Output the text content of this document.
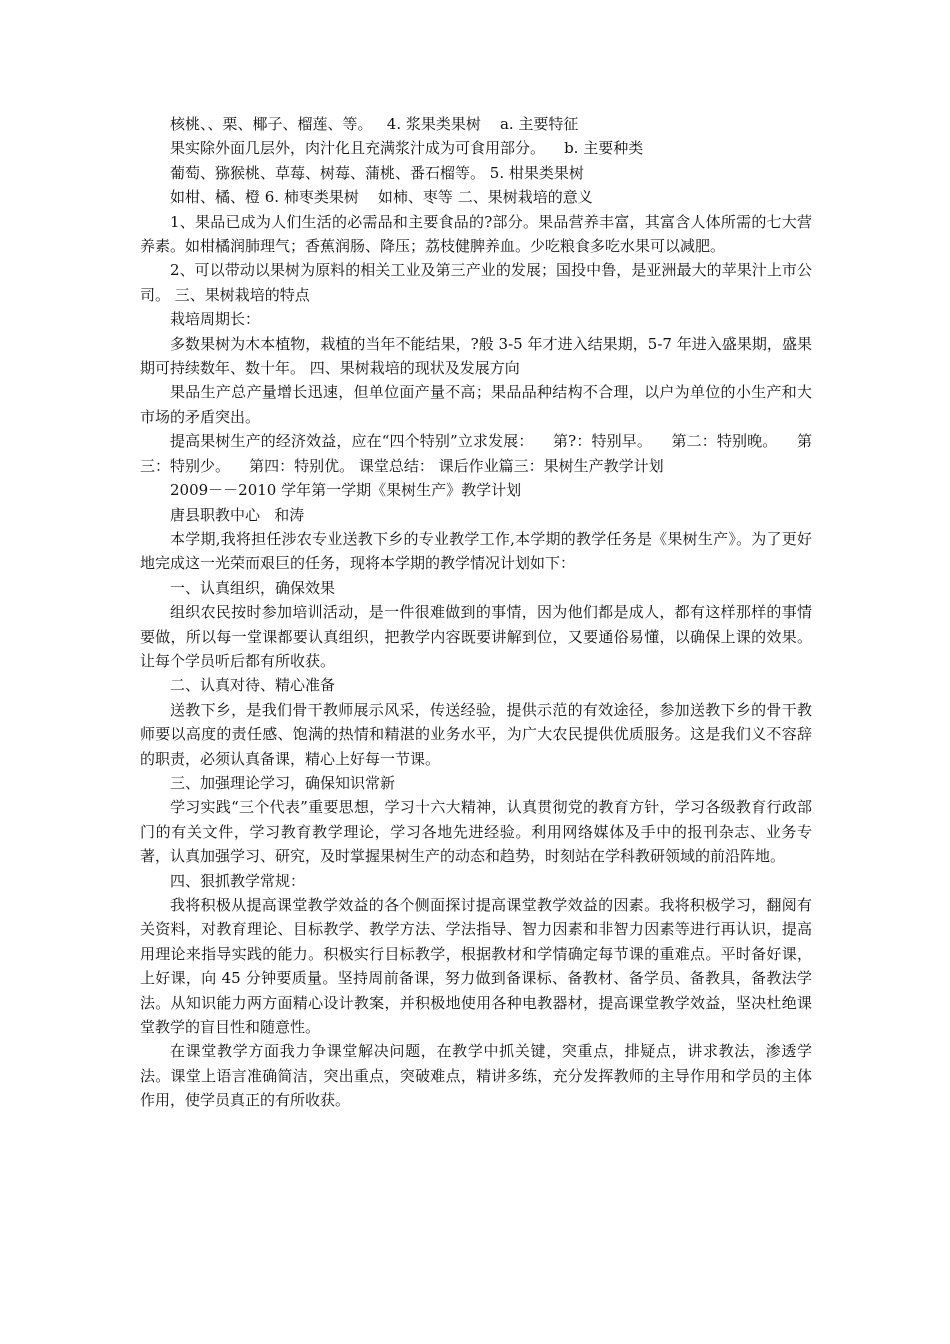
核桃、、栗、椰子、榴莲、等。   4. 浆果类果树    a. 主要特征

果实除外面几层外，肉汁化且充满浆汁成为可食用部分。    b. 主要种类

葡萄、猕猴桃、草莓、树莓、蒲桃、番石榴等。 5. 柑果类果树

如柑、橘、橙 6. 柿枣类果树    如柿、枣等 二、果树栽培的意义

1、果品已成为人们生活的必需品和主要食品的?部分。果品营养丰富，其富含人体所需的七大营养素。如柑橘润肺理气；香蕉润肠、降压；荔枝健脾养血。少吃粮食多吃水果可以减肥。

2、可以带动以果树为原料的相关工业及第三产业的发展；国投中鲁，是亚洲最大的苹果汁上市公司。 三、果树栽培的特点

栽培周期长：

多数果树为木本植物，栽植的当年不能结果，?般 3-5 年才进入结果期，5-7 年进入盛果期，盛果期可持续数年、数十年。 四、果树栽培的现状及发展方向

果品生产总产量增长迅速，但单位面产量不高；果品品种结构不合理，以户为单位的小生产和大市场的矛盾突出。

提高果树生产的经济效益，应在“四个特别”立求发展：    第?：特别早。    第二：特别晚。    第三：特别少。    第四：特别优。 课堂总结： 课后作业篇三：果树生产教学计划

2009－－2010 学年第一学期《果树生产》教学计划

唐县职教中心   和涛

本学期,我将担任涉农专业送教下乡的专业教学工作,本学期的教学任务是《果树生产》。为了更好地完成这一光荣而艰巨的任务，现将本学期的教学情况计划如下：

一、认真组织，确保效果

组织农民按时参加培训活动，是一件很难做到的事情，因为他们都是成人，都有这样那样的事情要做，所以每一堂课都要认真组织，把教学内容既要讲解到位，又要通俗易懂，以确保上课的效果。让每个学员听后都有所收获。

二、认真对待、精心准备

送教下乡，是我们骨干教师展示风采，传送经验，提供示范的有效途径，参加送教下乡的骨干教师要以高度的责任感、饱满的热情和精湛的业务水平，为广大农民提供优质服务。这是我们义不容辞的职责，必须认真备课，精心上好每一节课。

三、加强理论学习，确保知识常新

学习实践“三个代表”重要思想，学习十六大精神，认真贯彻党的教育方针，学习各级教育行政部门的有关文件，学习教育教学理论，学习各地先进经验。利用网络媒体及手中的报刊杂志、业务专著，认真加强学习、研究，及时掌握果树生产的动态和趋势，时刻站在学科教研领域的前沿阵地。

四、狠抓教学常规：

我将积极从提高课堂教学效益的各个侧面探讨提高课堂教学效益的因素。我将积极学习，翻阅有关资料，对教育理论、目标教学、教学方法、学法指导、智力因素和非智力因素等进行再认识，提高用理论来指导实践的能力。积极实行目标教学，根据教材和学情确定每节课的重难点。平时备好课，上好课，向 45 分钟要质量。坚持周前备课，努力做到备课标、备教材、备学员、备教具，备教法学法。从知识能力两方面精心设计教案，并积极地使用各种电教器材，提高课堂教学效益，坚决杜绝课堂教学的盲目性和随意性。

在课堂教学方面我力争课堂解决问题，在教学中抓关键，突重点，排疑点，讲求教法，渗透学法。课堂上语言准确简洁，突出重点，突破难点，精讲多练，充分发挥教师的主导作用和学员的主体作用，使学员真正的有所收获。
